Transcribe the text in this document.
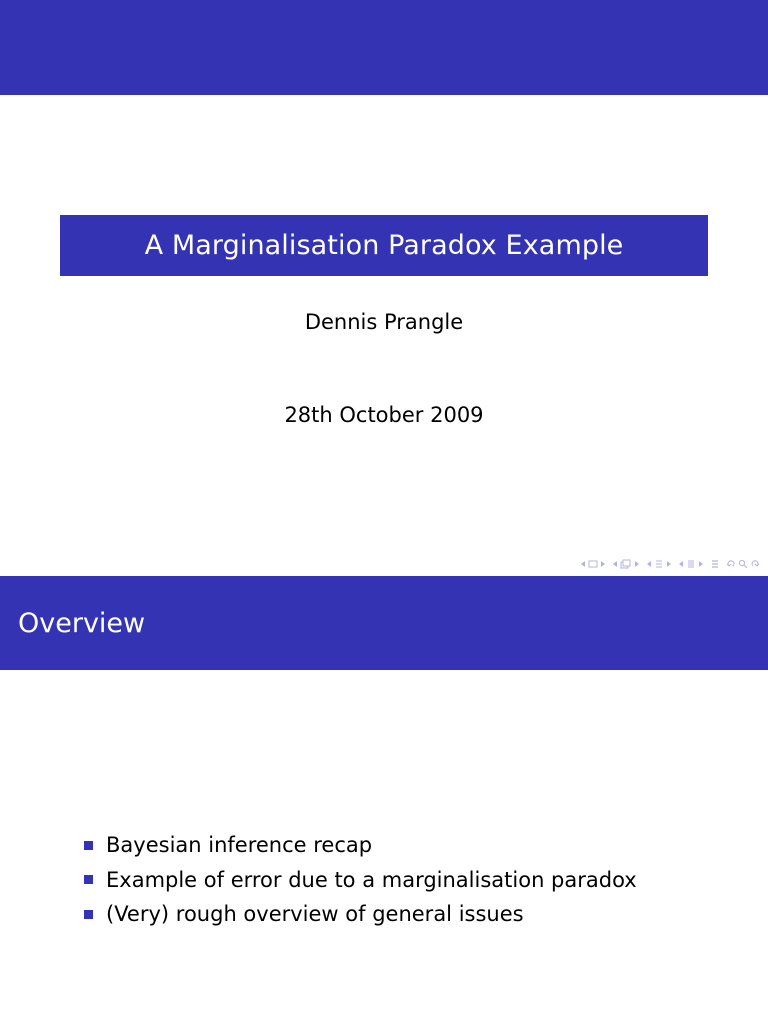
A Marginalisation Paradox Example
Dennis Prangle
28th October 2009
Overview
Bayesian inference recap
Example of error due to a marginalisation paradox
(Very) rough overview of general issues
